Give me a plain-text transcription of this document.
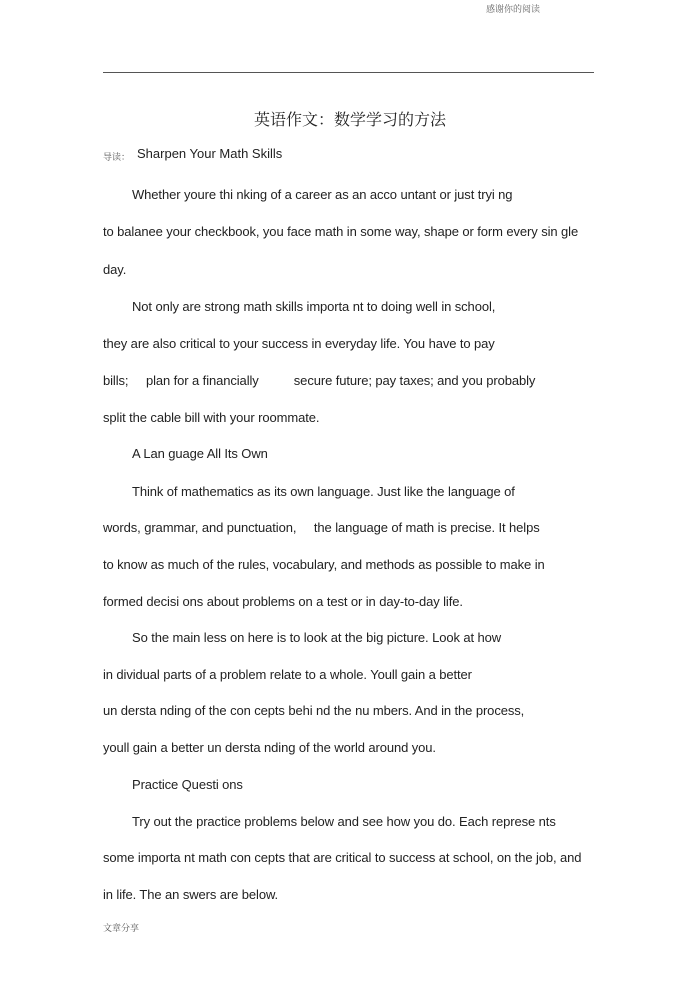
感谢你的阅读
英语作文：数学学习的方法
导读： Sharpen Your Math Skills
Whether youre thi nking of a career as an acco untant or just tryi ng
to balanee your checkbook, you face math in some way, shape or form every sin gle
day.
Not only are strong math skills importa nt to doing well in school,
they are also critical to your success in everyday life. You have to pay
bills;     plan for a financially          secure future; pay taxes; and you probably
split the cable bill with your roommate.
A Lan guage All Its Own
Think of mathematics as its own language. Just like the language of
words, grammar, and punctuation,     the language of math is precise. It helps
to know as much of the rules, vocabulary, and methods as possible to make in
formed decisi ons about problems on a test or in day-to-day life.
So the main less on here is to look at the big picture. Look at how
in dividual parts of a problem relate to a whole. Youll gain a better
un dersta nding of the con cepts behi nd the nu mbers. And in the process,
youll gain a better un dersta nding of the world around you.
Practice Questi ons
Try out the practice problems below and see how you do. Each represe nts
some importa nt math con cepts that are critical to success at school, on the job, and
in life. The an swers are below.
文章分享
